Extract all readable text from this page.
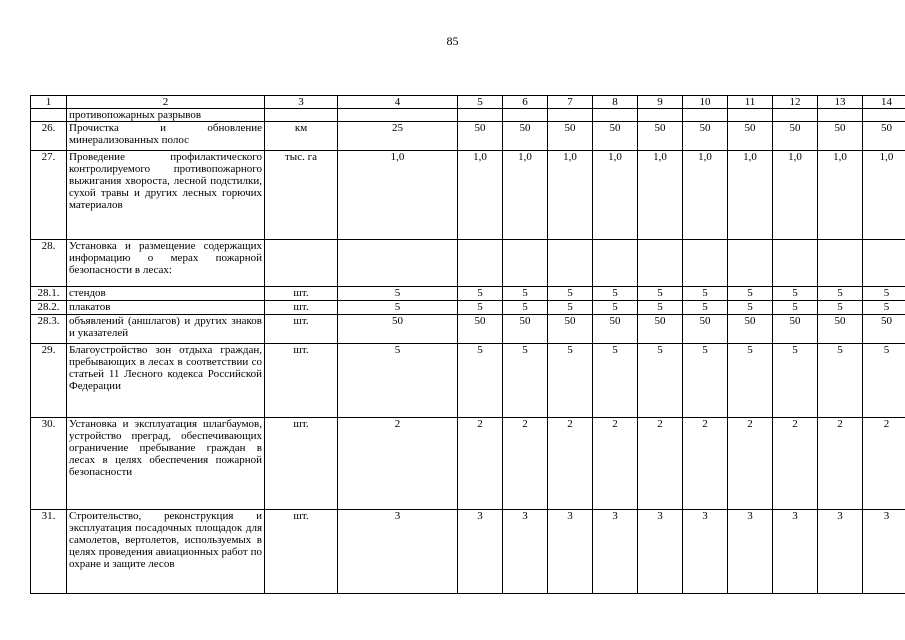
85
1	2	3	4	5	6	7	8	9	10	11	12	13	14
	противопожарных разрывов												
26.	Прочистка и обновление минерализованных полос	км	25	50	50	50	50	50	50	50	50	50	50
27.	Проведение профилактического контролируемого противопожарного выжигания хвороста, лесной подстилки, сухой травы и других лесных горючих материалов	тыс. га	1,0	1,0	1,0	1,0	1,0	1,0	1,0	1,0	1,0	1,0	1,0
28.	Установка и размещение содержащих информацию о мерах пожарной безопасности в лесах:												
28.1.	стендов	шт.	5	5	5	5	5	5	5	5	5	5	5
28.2.	плакатов	шт.	5	5	5	5	5	5	5	5	5	5	5
28.3.	объявлений (аншлагов) и других знаков и указателей	шт.	50	50	50	50	50	50	50	50	50	50	50
29.	Благоустройство зон отдыха граждан, пребывающих в лесах в соответствии со статьей 11 Лесного кодекса Российской Федерации	шт.	5	5	5	5	5	5	5	5	5	5	5
30.	Установка и эксплуатация шлагбаумов, устройство преград, обеспечивающих ограничение пребывание граждан в лесах в целях обеспечения пожарной безопасности	шт.	2	2	2	2	2	2	2	2	2	2	2
31.	Строительство, реконструкция и эксплуатация посадочных площадок для самолетов, вертолетов, используемых в целях проведения авиационных работ по охране и защите лесов	шт.	3	3	3	3	3	3	3	3	3	3	3
